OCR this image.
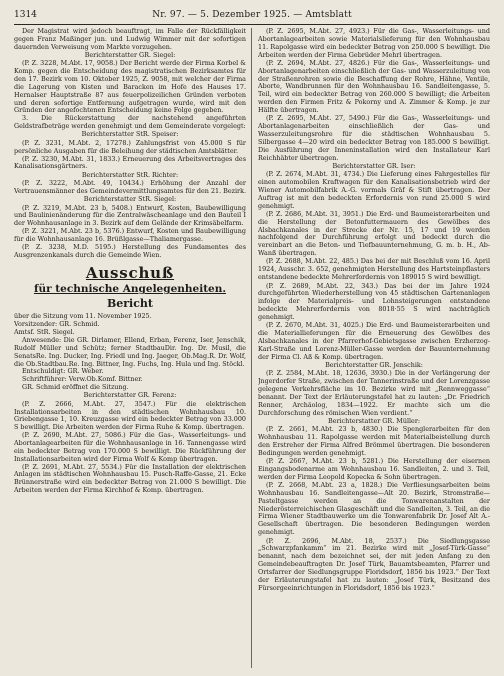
1314	Nr. 97. — 5. Dezember 1925. — Amtsblatt

Der Magistrat wird jedoch beauftragt, im Falle der Rückfälligkeit gegen Franz Maßinger jun. und Ludwig Wimmer mit der sofortigen dauernden Verweisung vom Markte vorzugehen.

Berichterstatter GR. Siegel:

(P. Z. 3228, M.Abt. 17, 9058.) Der Bericht werde der Firma Korbel & Komp. gegen die Entscheidung des magistratischen Bezirksamtes für den 17. Bezirk vom 10. Oktober 1925, Z. 9058, mit welcher der Firma die Lagerung von Kisten und Baracken im Hofe des Hauses 17. Hernalser Hauptstraße 87 aus feuerpolizeilichen Gründen verboten und deren sofortige Entfernung aufgetragen wurde, wird mit den Gründen der angefochtenen Entscheidung keine Folge gegeben.

3. Die Rückerstattung der nachstehend angeführten Geldstrafbeträge werden genehmigt und dem Gemeinderate vorgelegt:

Berichterstatter StR. Speiser:

(P. Z. 3231, M.Abt. 2, 17278.) Zahlungsfrist von 45.000 S für persönliche Ausgaben für die Beleihung der städtischen Amtsblätter.

(P. Z. 3230, M.Abt. 31, 1833.) Erneuerung des Arbeitsvertrages des Kanalisationsgärtners.

Berichterstatter StR. Richter:

(P. Z. 3222, M.Abt. 49, 10434.) Erhöhung der Anzahl der Vertrauensmänner des Gemeindevermittlungsamtes für den 21. Bezirk.

Berichterstatter StR. Siegel:

(P. Z. 3219, M.Abt. 23 b, 5408.) Entwurf, Kosten, Baubewilligung und Baulinienänderung für die Zentralwäscheanlage und den Bauteil I der Wohnhausanlage in 3. Bezirk auf dem Gelände der Krimsäbelfarm.

(P. Z. 3221, M.Abt. 23 b, 5376.) Entwurf, Kosten und Baubewilligung für die Wohnhausanlage 16. Brüßlgasse—Thaliamergasse.

(P. Z. 3238, M.D. 5195.) Herstellung des Fundamentes des Ausgrenzenkanals durch die Gemeinde Wien.

Ausschuß
für technische Angelegenheiten.
Bericht

über die Sitzung vom 11. November 1925.

Vorsitzender: GR. Schmid.

Amtsf. StR. Siegel.

Anwesende: Die GR. Dirlamer, Ellend, Erban, Ferenz, Iser, Jenschik, Rudolf Müller und Schütz; ferner StadtbauDir. Ing. Dr. Musil, die SenatsRe. Ing. Ducker, Ing. Friedl und Ing. Jaeger, Ob.Mag.R. Dr. Wolf, die Ob.Stadtbau.Re. Ing. Bittner, Ing. Fuchs, Ing. Hula und Ing. Stöckl.

Entschuldigt: GR. Weber.

Schriftführer: Verw.Ob.Komf. Bittner.

GR. Schmid eröffnet die Sitzung.

Berichterstatter GR. Ferenz:

(P. Z. 2666, M.Abt. 27, 3547.) Für die elektrischen Installationsarbeiten in den städtischen Wohnhausbau 10. Griebengasse 1, 10. Kreuzgasse wird ein bedeckter Betrag von 33.000 S bewilligt. Die Arbeiten werden der Firma Ruhe & Komp. übertragen.

(P. Z. 2690, M.Abt. 27, 5086.) Für die Gas-, Wasserleitungs- und Abortanlagearbeiten für die Wohnhausanlage in 16. Tannengasse wird ein bedeckter Betrag von 170.000 S bewilligt. Die Rückführung der Installationsarbeiten wird der Firma Wolf & Komp übertragen.

(P. Z. 2691, M.Abt. 27, 5534.) Für die Installation der elektrischen Anlagen im städtischen Wohnhausbau 15. Pusch-Raffe-Gasse, 21. Ecke Brünnerstraße wird ein bedeckter Betrag von 21.000 S bewilligt. Die Arbeiten werden der Firma Kirchhof & Komp. übertragen.

(P. Z. 2695, M.Abt. 27, 4923.) Für die Gas-, Wasserleitungs- und Abortanlagearbeiten sowie Materialslieferung für den Wohnhausbau 11. Rapolgasse wird ein bedeckter Betrag von 250.000 S bewilligt. Die Arbeiten werden der Firma Gebrüder Mehrl übertragen.

(P. Z. 2694, M.Abt. 27, 4826.) Für die Gas-, Wasserleitungs- und Abortanlagenarbeiten einschließlich der Gas- und Wasserzuleitung von der Straßenrohren sowie die Beschaffung der Rohre, Hähne, Ventile, Aborte, Wandbrunnen für den Wohnhausbau 16. Sandleitengasse, 5. Teil, wird ein bedeckter Betrag von 260.000 S bewilligt; die Arbeiten werden den Firmen Fritz & Pokorny und A. Zimmer & Komp. je zur Hälfte übertragen.

(P. Z. 2695, M.Abt. 27, 5490.) Für die Gas-, Wasserleitungs- und Abortanlagenarbeiten einschließlich der Gas- und Wasserzuleitungsrohre für die städtischen Wohnhausbau 5. Silbergasse 4—20 wird ein bedeckter Betrag von 185.000 S bewilligt. Die Ausführung der Inneninstallation wird den Installateur Karl Reichhäbter übertragen.

Berichterstatter GR. Iser:

(P. Z. 2674, M.Abt. 31, 4734.) Die Lieferung eines Fahrgestelles für einen automobilen Kraftwagen für den Kanalisationsbetrieb wird der Wiener Automobilfabrik A.-G. vormals Gräf & Stift übertragen. Der Auftrag ist mit den bedeckten Erfordernis von rund 25.000 S wird genehmigt.

(P. Z. 2686, M.Abt. 31, 3951.) Die Erd- und Baumeisterarbeiten und die Herstellung der Betonfuttermauern des Gewölbes des Alsbachkanales in der Strecke der Nr. 15, 17 und 19 werden nachfolgend der Durchführung erfolgt und bedeckt durch die vereinbart an die Beton- und Tiefbauunternehmung, G. m. b. H., Ab-Wanß übertragen.

(P. Z. 2688, M.Abt. 22, 485.) Das bei der mit Beschluß vom 16. April 1924, Ausschr. 3. 652, genehmigten Herstellung des Hartsteinpflasters entstandene bedeckte Mehrerfordernis von 189015 S wird bewilligt.

(P. Z. 2689, M.Abt. 22, 343.) Das bei der im Jahre 1924 durchgeführten Wiederherstellung von 45 städtischen Gartenanlagen infolge der Materialpreis- und Lohnsteigerungen entstandene bedeckte Mehrerfordernis von 8018·55 S wird nachträglich genehmigt.

(P. Z. 2670, M.Abt. 31, 4025.) Die Erd- und Baumeisterarbeiten und die Materiallieferungen für die Erneuerung des Gewölbes des Alsbachkanales in der Pfarrerhof-Gebietsgasse zwischen Erzherzog-Karl-Straße und Lorenz-Müller-Gasse werden der Bauunternehmung der Firma Cl. Aß & Komp. übertragen.

Berichterstatter GR. Jenschik:

(P. Z. 2584, M.Abt. 18, 12636, 3930.) Die in der Verlängerung der Jngerdorfer Straße, zwischen der Tannerinstraße und der Lorenzgasse gelegene Verkehrsfläche im 10. Bezirke wird mit „Rennweggasse“ benannt. Der Text der Erläuterungstafel hat zu lauten: „Dr. Friedrich Renner, Archäolog, 1834—1922. Er machte sich um die Durchforschung des römischen Wien verdient.“

Berichterstatter GR. Müller:

(P. Z. 2661, M.Abt. 23 b, 4830.) Die Spenglerarbeiten für den Wohnhausbau 11. Rapolgasse werden mit Materialbeistellung durch den Erstreher der Firma Alfred Brömmel übertragen. Die besonderen Bedingungen werden genehmigt.

(P. Z. 2667, M.Abt. 23 b, 5281.) Die Herstellung der eisernen Eingangsbodenarme am Wohnhausbau 16. Sandleiten, 2. und 3. Teil, werden der Firma Leopold Kopecka & Sohn übertragen.

(P. Z. 2668, M.Abt. 23 a, 1828.) Die Verfliesungsarbeiten beim Wohnhausbau 16. Sandleitengasse—Alt 20. Bezirk, Stromstraße—Pasteltgasse werden an die Tonwarenanstalten der Niederösterreichischen Glasgeschäft und die Sandleiten, 3. Teil, an die Firma Wiener Stadtbauwerke um die Tonwarenfabrik Dr. Josef Alt A.-Gesellschaft übertragen. Die besonderen Bedingungen werden genehmigt.

(P. Z. 2696, M.Abt. 18, 2537.) Die Siedlungsgasse „Schwarzpfankamm“ im 21. Bezirke wird mit „Josef-Türk-Gasse“ benannt, nach dem bezeichnet sei, der mit jeden Anfang zu den Gemeindebeauftragten Dr. Josef Türk, Bauamtsbeamten, Pfarrer und Ortsfarrer der Siedlungsgruppe Floridsdorf, 1856 bis 1923.“ Der Text der Erläuterungstafel hat zu lauten: „Josef Türk, Besitzand des Fürsorgeeinrichtungen in Floridsdorf, 1856 bis 1923.“
